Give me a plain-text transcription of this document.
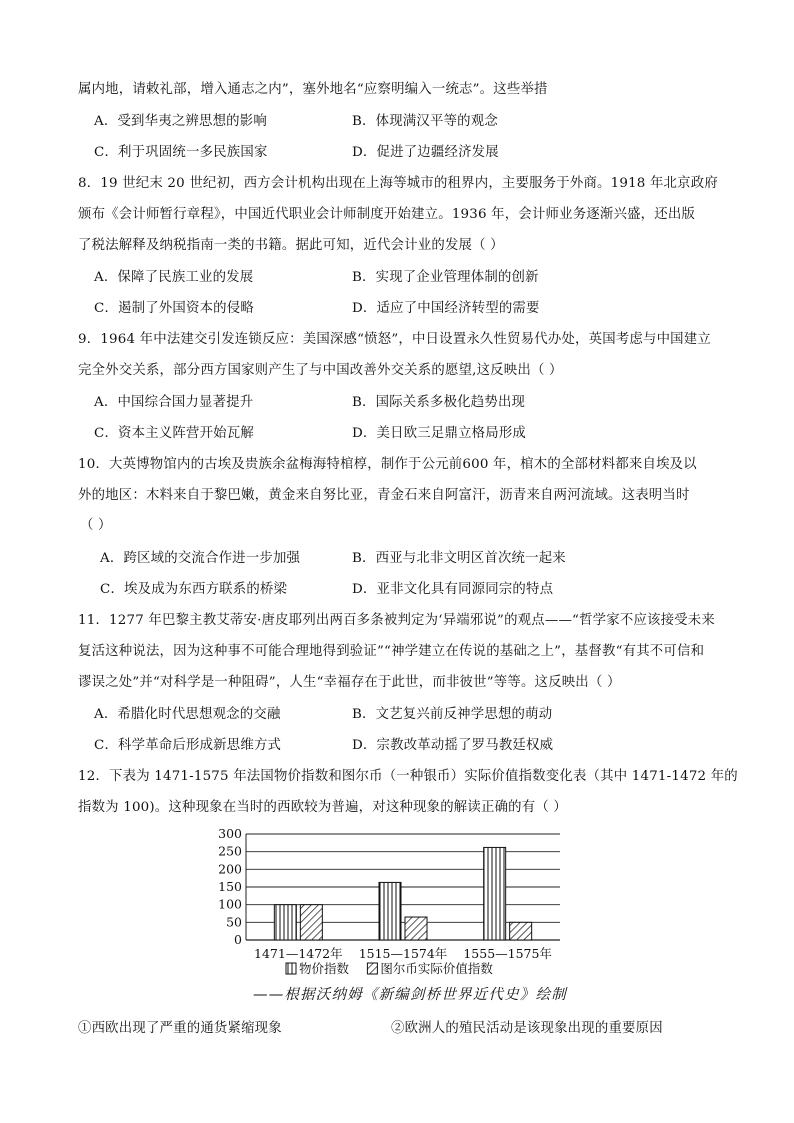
属内地，请敕礼部，增入通志之内”，塞外地名“应察明编入一统志”。这些举措
A．受到华夷之辨思想的影响	B．体现满汉平等的观念
C．利于巩固统一多民族国家	D．促进了边疆经济发展
8．19 世纪末 20 世纪初，西方会计机构出现在上海等城市的租界内，主要服务于外商。1918 年北京政府
颁布《会计师暂行章程》，中国近代职业会计师制度开始建立。1936 年，会计师业务逐渐兴盛，还出版
了税法解释及纳税指南一类的书籍。据此可知，近代会计业的发展（ ）
A．保障了民族工业的发展	B．实现了企业管理体制的创新
C．遏制了外国资本的侵略	D．适应了中国经济转型的需要
9．1964 年中法建交引发连锁反应：美国深感“愤怒”，中日设置永久性贸易代办处，英国考虑与中国建立
完全外交关系，部分西方国家则产生了与中国改善外交关系的愿望,这反映出（ ）
A．中国综合国力显著提升	B．国际关系多极化趋势出现
C．资本主义阵营开始瓦解	D．美日欧三足鼎立格局形成
10．大英博物馆内的古埃及贵族余盆梅海特棺椁，制作于公元前600 年，棺木的全部材料都来自埃及以
外的地区：木料来自于黎巴嫩，黄金来自努比亚，青金石来自阿富汗，沥青来自两河流域。这表明当时
（ ）
A．跨区域的交流合作进一步加强	B．西亚与北非文明区首次统一起来
C．埃及成为东西方联系的桥梁	D．亚非文化具有同源同宗的特点
11．1277 年巴黎主教艾蒂安·唐皮耶列出两百多条被判定为‘异端邪说”的观点——“哲学家不应该接受未来
复活这种说法，因为这种事不可能合理地得到验证”“神学建立在传说的基础之上”，基督教“有其不可信和
谬误之处”并“对科学是一种阻碍”，人生“幸福存在于此世，而非彼世”等等。这反映出（ ）
A．希腊化时代思想观念的交融	B．文艺复兴前反神学思想的萌动
C．科学革命后形成新思维方式	D．宗教改革动摇了罗马教廷权威
12．下表为 1471-1575 年法国物价指数和图尔币（一种银币）实际价值指数变化表（其中 1471-1472 年的
指数为 100)。这种现象在当时的西欧较为普遍，对这种现象的解读正确的有（ ）
0
50
100
150
200
250
300
1471—1472年 1515—1574年 1555—1575年
物价指数	图尔币实际价值指数
——根据沃纳姆《新编剑桥世界近代史》绘制
①西欧出现了严重的通货紧缩现象	②欧洲人的殖民活动是该现象出现的重要原因
